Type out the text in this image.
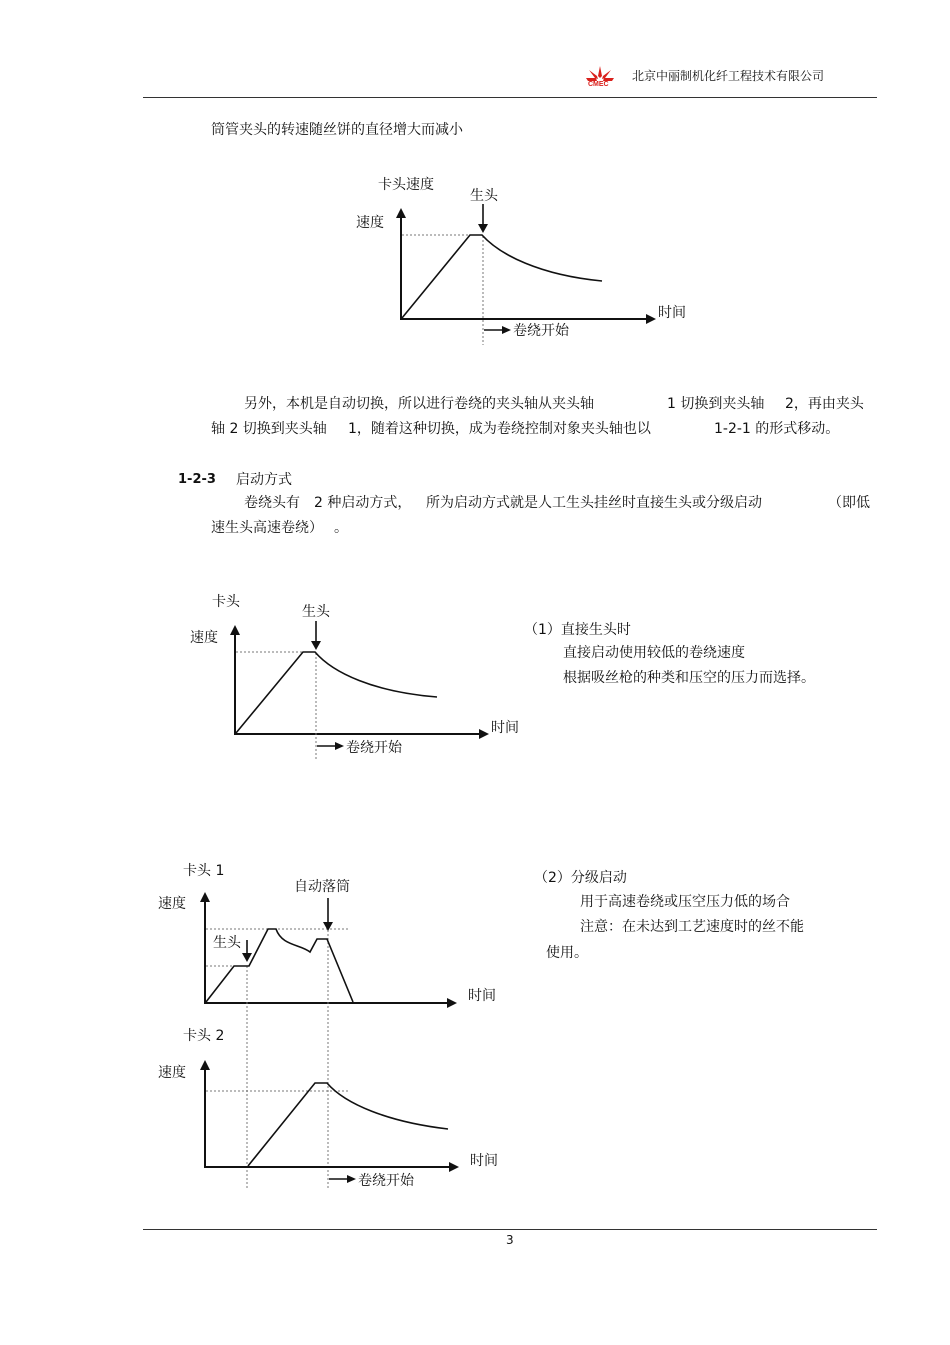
CMEC
北京中丽制机化纤工程技术有限公司
筒管夹头的转速随丝饼的直径增大而减小
卡头速度
生头
速度
时间
卷绕开始
另外，本机是自动切换，所以进行卷绕的夹头轴从夹头轴	1 切换到夹头轴 2，再由夹头
轴 2 切换到夹头轴 1，随着这种切换，成为卷绕控制对象夹头轴也以	1-2-1 的形式移动。
1-2-3 启动方式
卷绕头有 2 种启动方式， 所为启动方式就是人工生头挂丝时直接生头或分级启动	（即低
速生头高速卷绕） 。
卡头
生头
速度
时间
卷绕开始
（1）直接生头时
直接启动使用较低的卷绕速度
根据吸丝枪的种类和压空的压力而选择。
卡头 1
自动落筒
速度
生头
时间
卡头 2
速度
时间
卷绕开始
（2）分级启动
用于高速卷绕或压空压力低的场合
注意：在未达到工艺速度时的丝不能
使用。
3
